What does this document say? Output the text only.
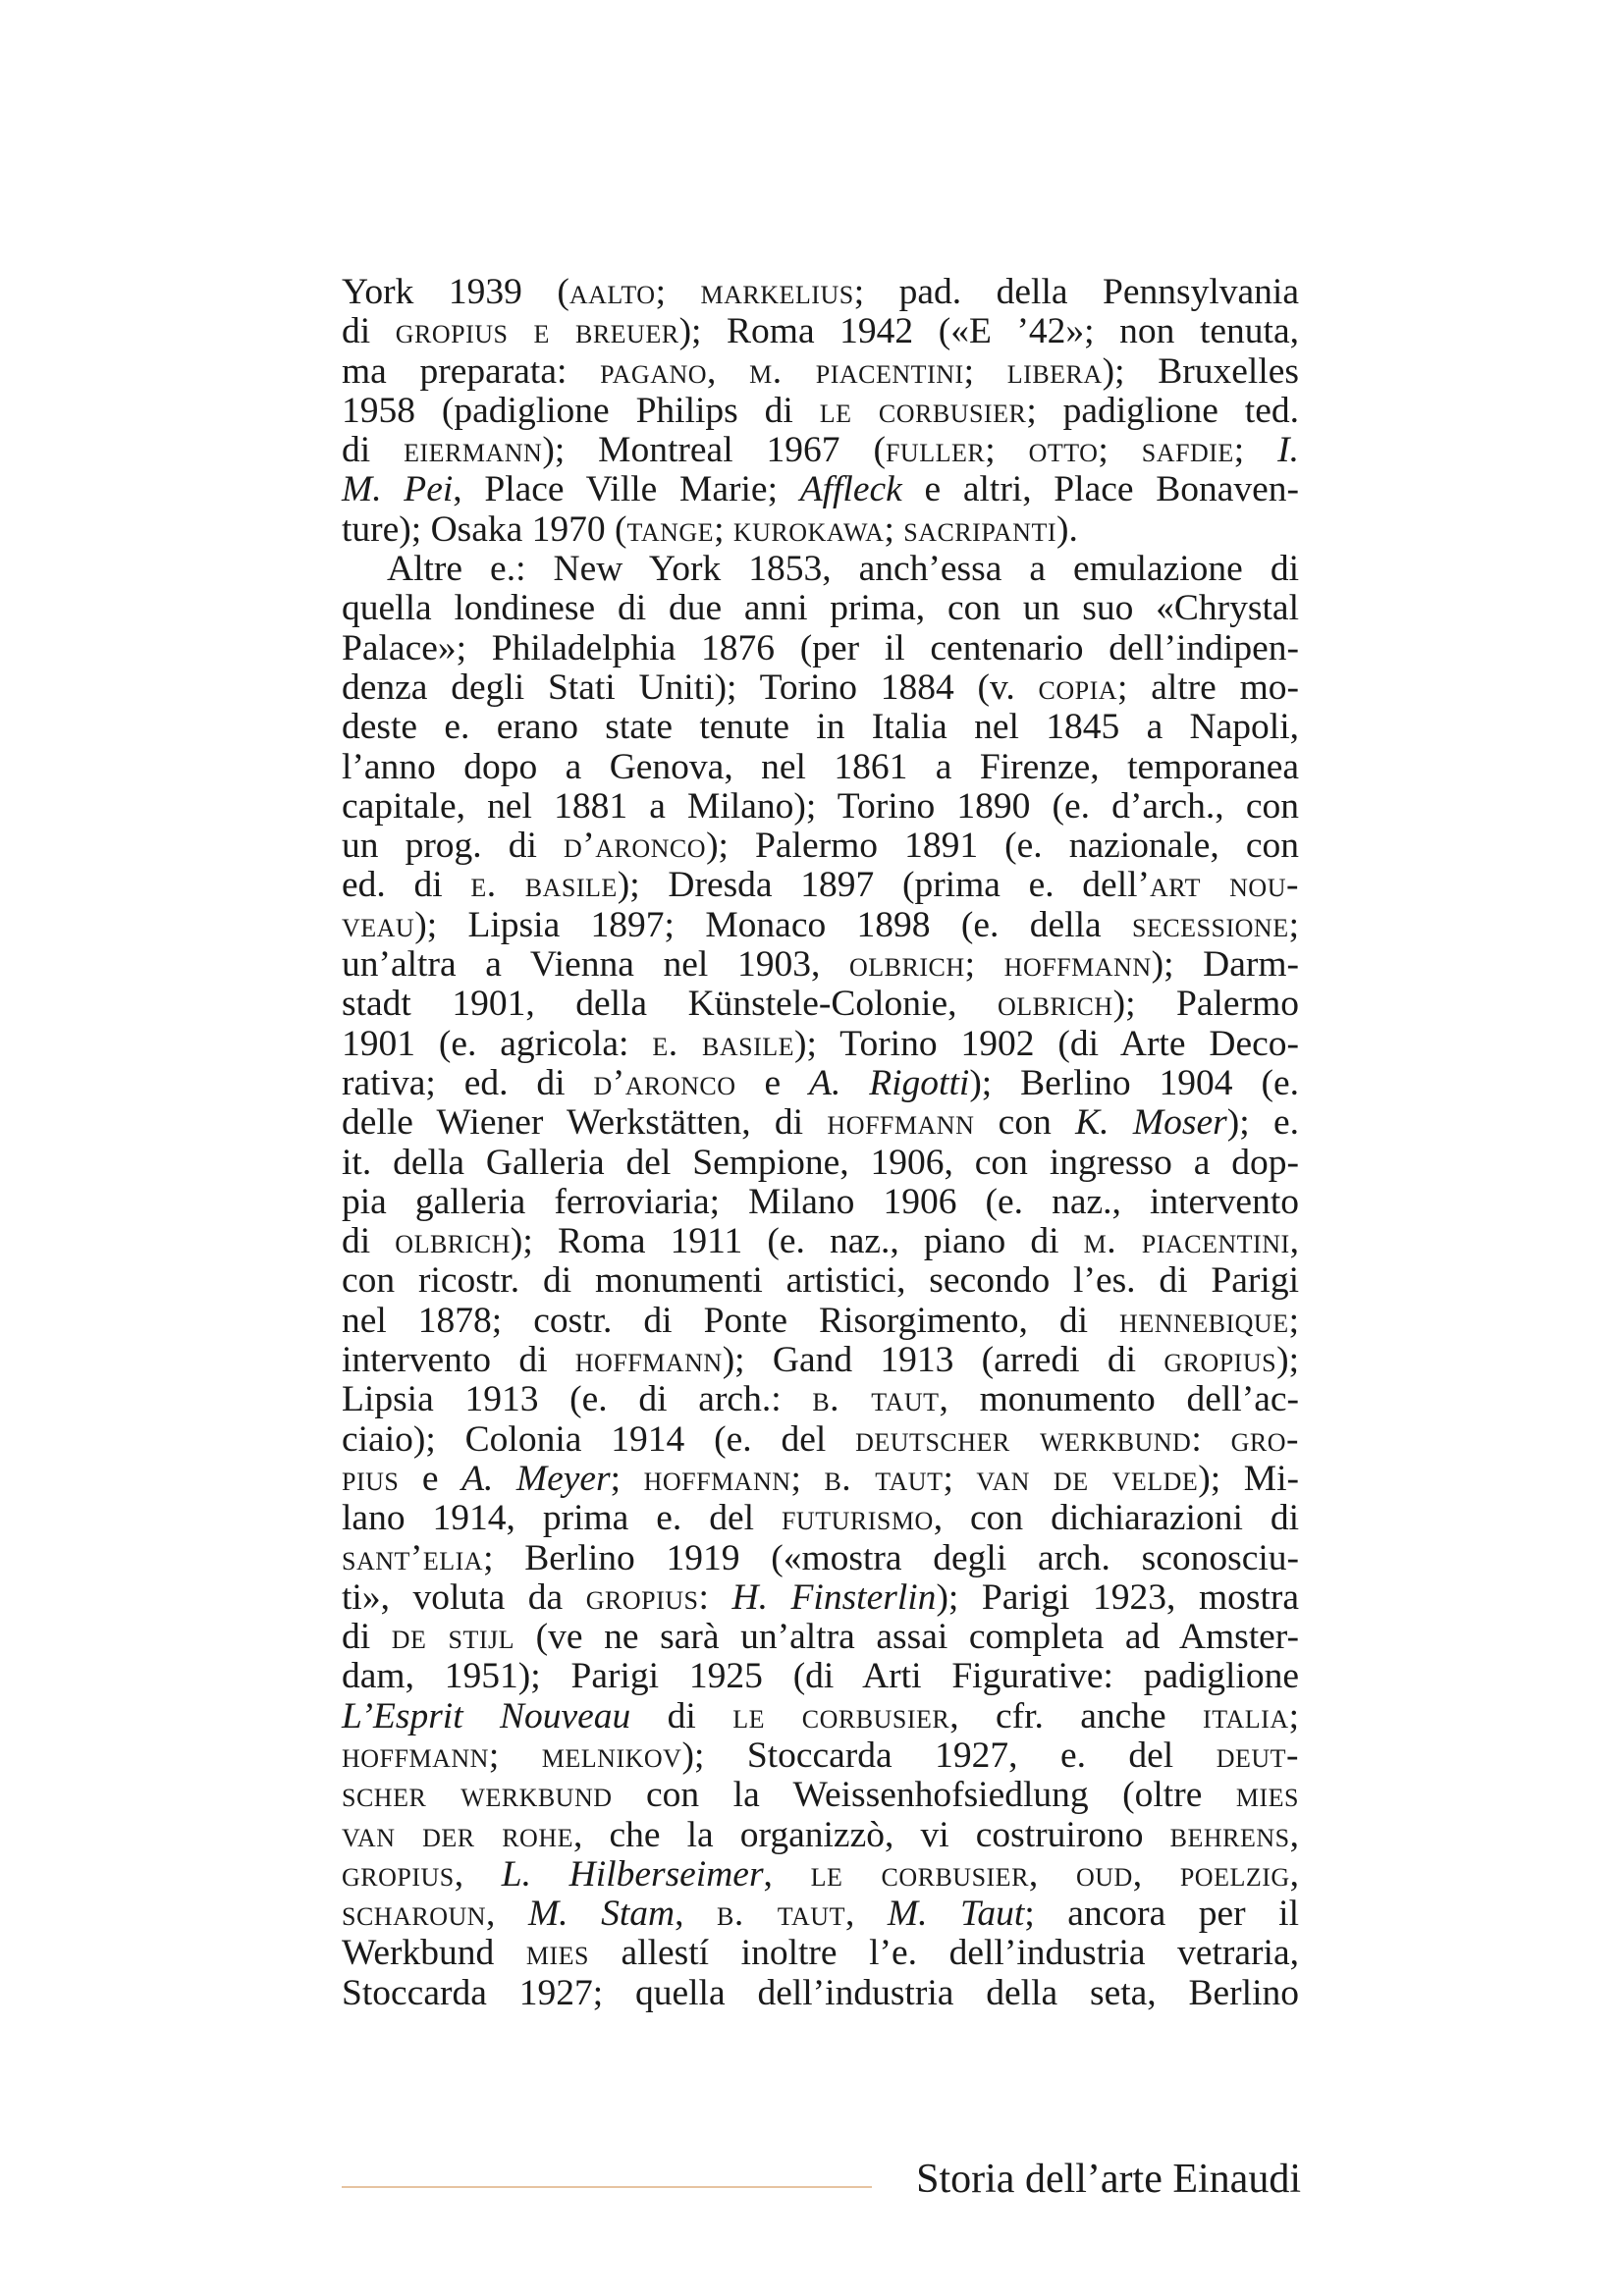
York 1939 (aalto; markelius; pad. della Pennsylvania
di gropius e breuer); Roma 1942 («E ’42»; non tenuta,
ma preparata: pagano, m. piacentini; libera); Bruxelles
1958 (padiglione Philips di le corbusier; padiglione ted.
di eiermann); Montreal 1967 (fuller; otto; safdie; I.
M. Pei, Place Ville Marie; Affleck e altri, Place Bonaven-
ture); Osaka 1970 (tange; kurokawa; sacripanti).
Altre e.: New York 1853, anch’essa a emulazione di
quella londinese di due anni prima, con un suo «Chrystal
Palace»; Philadelphia 1876 (per il centenario dell’indipen-
denza degli Stati Uniti); Torino 1884 (v. copia; altre mo-
deste e. erano state tenute in Italia nel 1845 a Napoli,
l’anno dopo a Genova, nel 1861 a Firenze, temporanea
capitale, nel 1881 a Milano); Torino 1890 (e. d’arch., con
un prog. di d’aronco); Palermo 1891 (e. nazionale, con
ed. di e. basile); Dresda 1897 (prima e. dell’art nou-
veau); Lipsia 1897; Monaco 1898 (e. della secessione;
un’altra a Vienna nel 1903, olbrich; hoffmann); Darm-
stadt 1901, della Künstele-Colonie, olbrich); Palermo
1901 (e. agricola: e. basile); Torino 1902 (di Arte Deco-
rativa; ed. di d’aronco e A. Rigotti); Berlino 1904 (e.
delle Wiener Werkstätten, di hoffmann con K. Moser); e.
it. della Galleria del Sempione, 1906, con ingresso a dop-
pia galleria ferroviaria; Milano 1906 (e. naz., intervento
di olbrich); Roma 1911 (e. naz., piano di m. piacentini,
con ricostr. di monumenti artistici, secondo l’es. di Parigi
nel 1878; costr. di Ponte Risorgimento, di hennebique;
intervento di hoffmann); Gand 1913 (arredi di gropius);
Lipsia 1913 (e. di arch.: b. taut, monumento dell’ac-
ciaio); Colonia 1914 (e. del deutscher werkbund: gro-
pius e A. Meyer; hoffmann; b. taut; van de velde); Mi-
lano 1914, prima e. del futurismo, con dichiarazioni di
sant’elia; Berlino 1919 («mostra degli arch. sconosciu-
ti», voluta da gropius: H. Finsterlin); Parigi 1923, mostra
di de stijl (ve ne sarà un’altra assai completa ad Amster-
dam, 1951); Parigi 1925 (di Arti Figurative: padiglione
L’Esprit Nouveau di le corbusier, cfr. anche italia;
hoffmann; melnikov); Stoccarda 1927, e. del deut-
scher werkbund con la Weissenhofsiedlung (oltre mies
van der rohe, che la organizzò, vi costruirono behrens,
gropius, L. Hilberseimer, le corbusier, oud, poelzig,
scharoun, M. Stam, b. taut, M. Taut; ancora per il
Werkbund mies allestí inoltre l’e. dell’industria vetraria,
Stoccarda 1927; quella dell’industria della seta, Berlino
Storia dell’arte Einaudi
